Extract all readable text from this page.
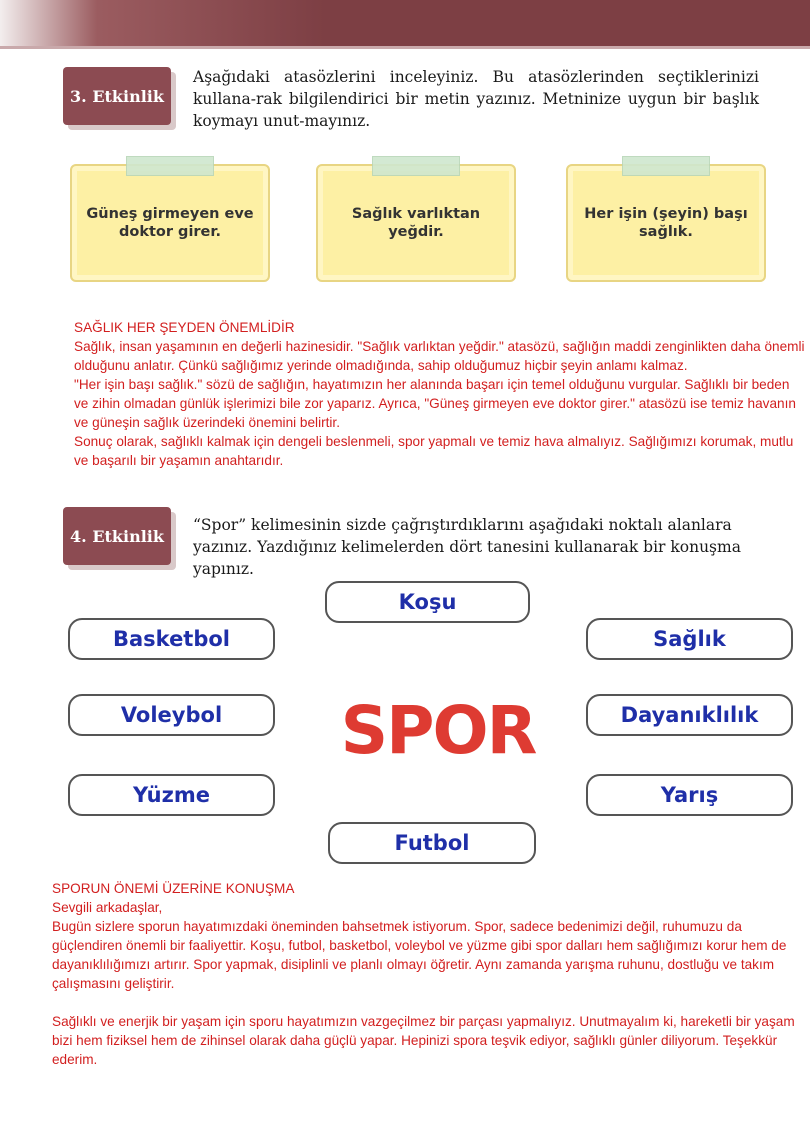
3. Etkinlik
Aşağıdaki atasözlerini inceleyiniz. Bu atasözlerinden seçtiklerinizi kullana-rak bilgilendirici bir metin yazınız. Metninize uygun bir başlık koymayı unut-mayınız.
Güneş girmeyen eve doktor girer.
Sağlık varlıktan yeğdir.
Her işin (şeyin) başı sağlık.

SAĞLIK HER ŞEYDEN ÖNEMLİDİR

Sağlık, insan yaşamının en değerli hazinesidir. "Sağlık varlıktan yeğdir." atasözü, sağlığın maddi zenginlikten daha önemli olduğunu anlatır. Çünkü sağlığımız yerinde olmadığında, sahip olduğumuz hiçbir şeyin anlamı kalmaz.

"Her işin başı sağlık." sözü de sağlığın, hayatımızın her alanında başarı için temel olduğunu vurgular. Sağlıklı bir beden ve zihin olmadan günlük işlerimizi bile zor yaparız. Ayrıca, "Güneş girmeyen eve doktor girer." atasözü ise temiz havanın ve güneşin sağlık üzerindeki önemini belirtir.

Sonuç olarak, sağlıklı kalmak için dengeli beslenmeli, spor yapmalı ve temiz hava almalıyız. Sağlığımızı korumak, mutlu ve başarılı bir yaşamın anahtarıdır.

4. Etkinlik
“Spor” kelimesinin sizde çağrıştırdıklarını aşağıdaki noktalı alanlara yazınız. Yazdığınız kelimelerden dört tanesini kullanarak bir konuşma yapınız.
Koşu
Basketbol	Sağlık
Voleybol	SPOR	Dayanıklılık
Yüzme	Yarış
Futbol

SPORUN ÖNEMİ ÜZERİNE KONUŞMA

Sevgili arkadaşlar,

Bugün sizlere sporun hayatımızdaki öneminden bahsetmek istiyorum. Spor, sadece bedenimizi değil, ruhumuzu da güçlendiren önemli bir faaliyettir. Koşu, futbol, basketbol, voleybol ve yüzme gibi spor dalları hem sağlığımızı korur hem de dayanıklılığımızı artırır. Spor yapmak, disiplinli ve planlı olmayı öğretir. Aynı zamanda yarışma ruhunu, dostluğu ve takım çalışmasını geliştirir.

Sağlıklı ve enerjik bir yaşam için sporu hayatımızın vazgeçilmez bir parçası yapmalıyız. Unutmayalım ki, hareketli bir yaşam bizi hem fiziksel hem de zihinsel olarak daha güçlü yapar. Hepinizi spora teşvik ediyor, sağlıklı günler diliyorum. Teşekkür ederim.
